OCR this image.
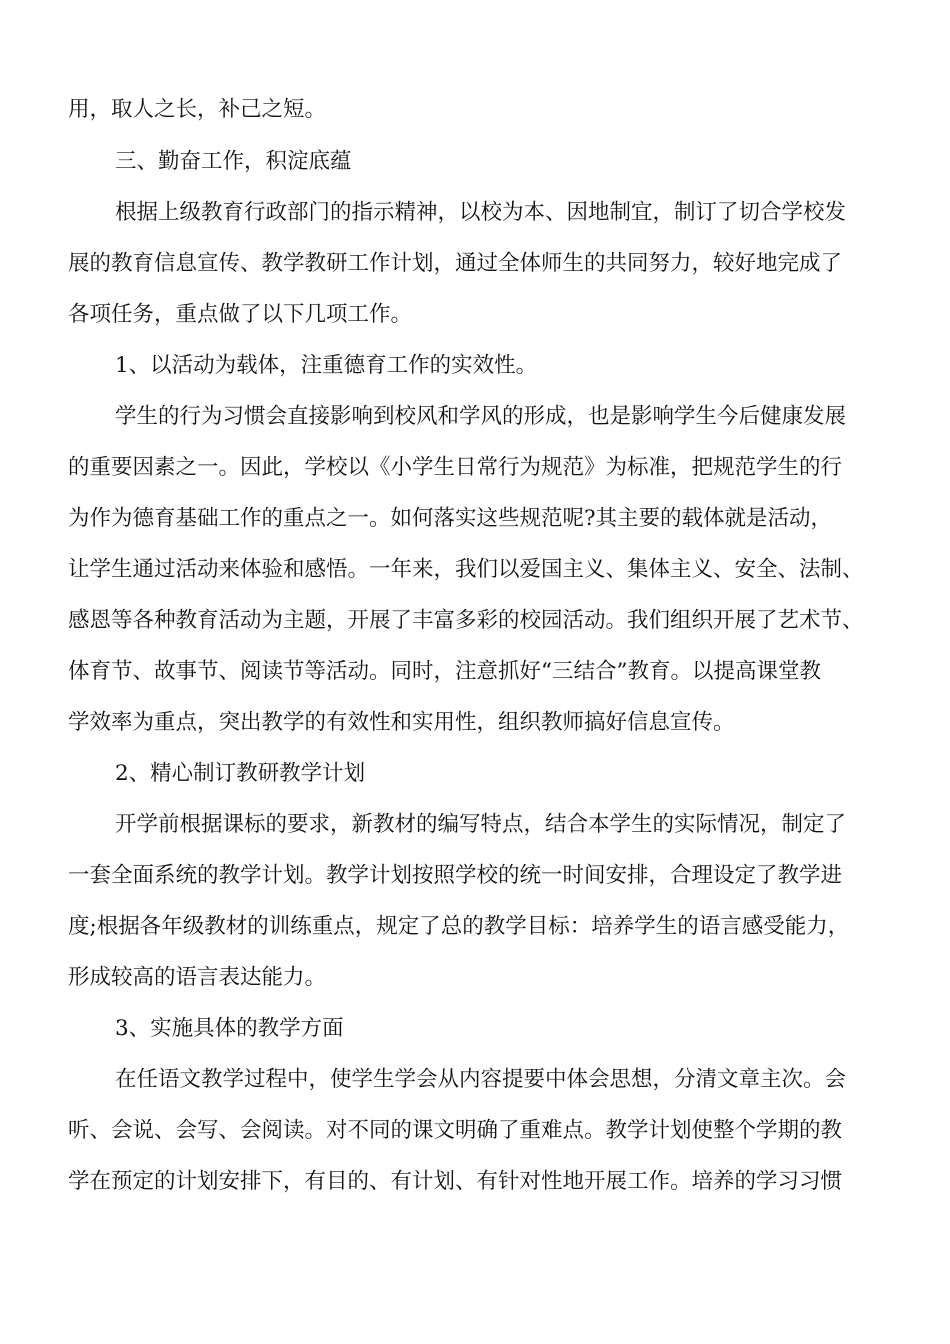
用，取人之长，补己之短。
三、勤奋工作，积淀底蕴
根据上级教育行政部门的指示精神，以校为本、因地制宜，制订了切合学校发
展的教育信息宣传、教学教研工作计划，通过全体师生的共同努力，较好地完成了
各项任务，重点做了以下几项工作。
1、以活动为载体，注重德育工作的实效性。
学生的行为习惯会直接影响到校风和学风的形成，也是影响学生今后健康发展
的重要因素之一。因此，学校以《小学生日常行为规范》为标准，把规范学生的行
为作为德育基础工作的重点之一。如何落实这些规范呢?其主要的载体就是活动，
让学生通过活动来体验和感悟。一年来，我们以爱国主义、集体主义、安全、法制、
感恩等各种教育活动为主题，开展了丰富多彩的校园活动。我们组织开展了艺术节、
体育节、故事节、阅读节等活动。同时，注意抓好“三结合”教育。以提高课堂教
学效率为重点，突出教学的有效性和实用性，组织教师搞好信息宣传。
2、精心制订教研教学计划
开学前根据课标的要求，新教材的编写特点，结合本学生的实际情况，制定了
一套全面系统的教学计划。教学计划按照学校的统一时间安排，合理设定了教学进
度;根据各年级教材的训练重点，规定了总的教学目标：培养学生的语言感受能力，
形成较高的语言表达能力。
3、实施具体的教学方面
在任语文教学过程中，使学生学会从内容提要中体会思想，分清文章主次。会
听、会说、会写、会阅读。对不同的课文明确了重难点。教学计划使整个学期的教
学在预定的计划安排下，有目的、有计划、有针对性地开展工作。培养的学习习惯
